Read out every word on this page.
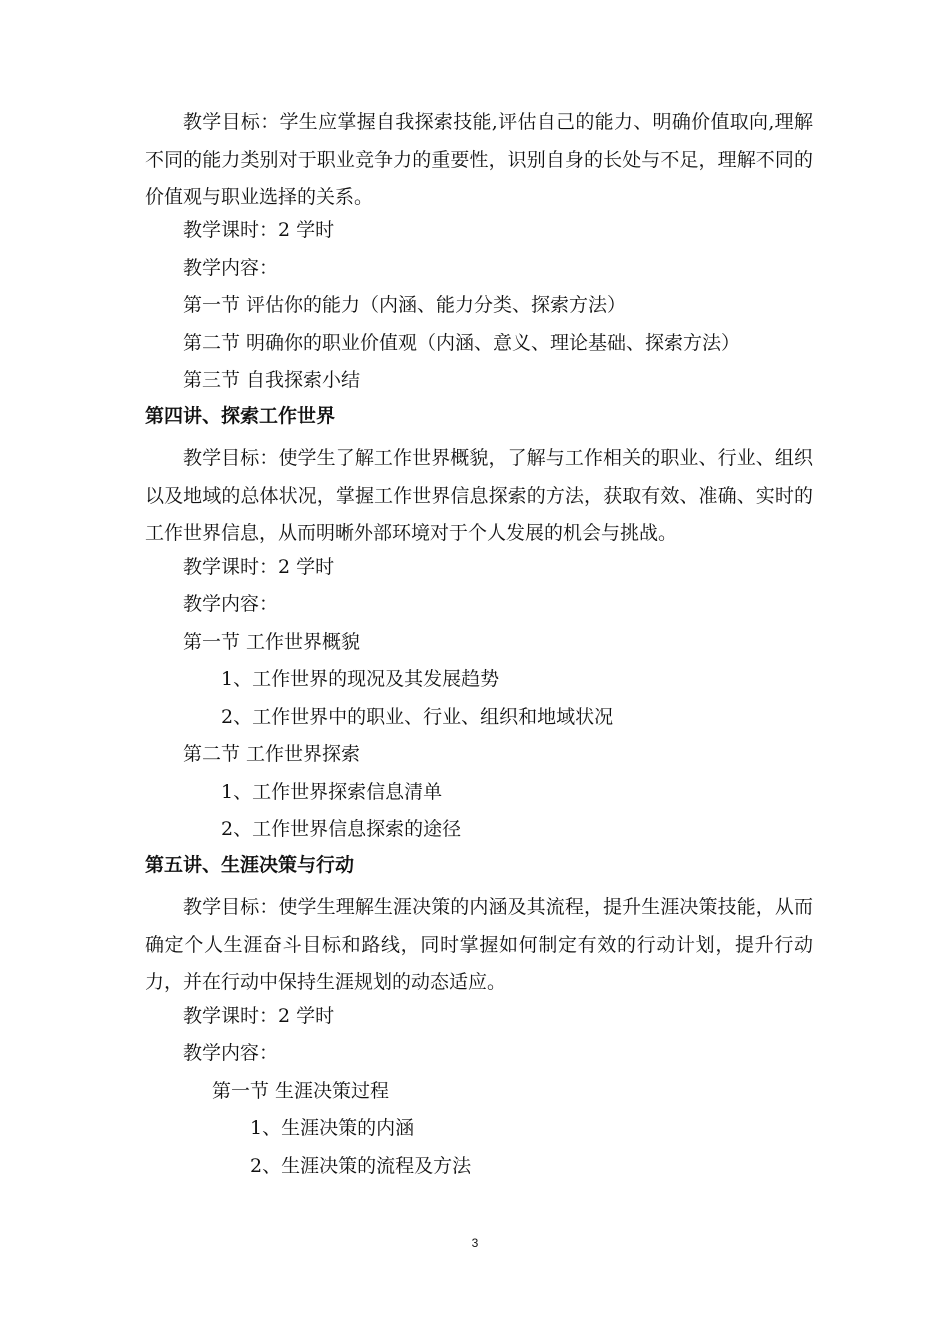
教学目标：学生应掌握自我探索技能,评估自己的能力、明确价值取向,理解不同的能力类别对于职业竞争力的重要性，识别自身的长处与不足，理解不同的价值观与职业选择的关系。
教学课时：2 学时
教学内容：
第一节 评估你的能力（内涵、能力分类、探索方法）
第二节 明确你的职业价值观（内涵、意义、理论基础、探索方法）
第三节 自我探索小结
第四讲、探索工作世界
教学目标：使学生了解工作世界概貌，了解与工作相关的职业、行业、组织以及地域的总体状况，掌握工作世界信息探索的方法，获取有效、准确、实时的工作世界信息，从而明晰外部环境对于个人发展的机会与挑战。
教学课时：2 学时
教学内容：
第一节 工作世界概貌
1、工作世界的现况及其发展趋势
2、工作世界中的职业、行业、组织和地域状况
第二节 工作世界探索
1、工作世界探索信息清单
2、工作世界信息探索的途径
第五讲、生涯决策与行动
教学目标：使学生理解生涯决策的内涵及其流程，提升生涯决策技能，从而确定个人生涯奋斗目标和路线，同时掌握如何制定有效的行动计划，提升行动力，并在行动中保持生涯规划的动态适应。
教学课时：2 学时
教学内容：
第一节 生涯决策过程
1、生涯决策的内涵
2、生涯决策的流程及方法
3
